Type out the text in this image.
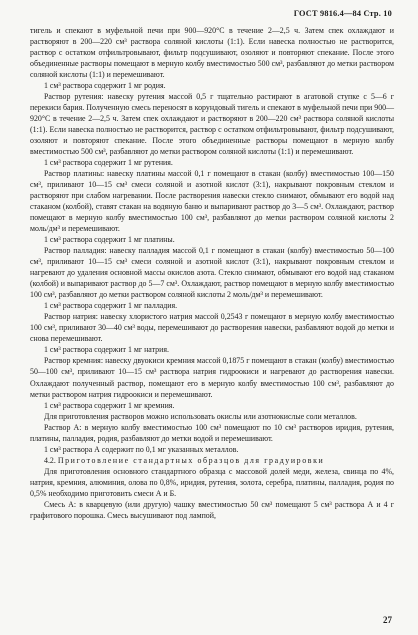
ГОСТ 9816.4—84 Стр. 10

тигель и спекают в муфельной печи при 900—920°С в течение 2—2,5 ч. Затем спек охлаждают и растворяют в 200—220 см³ раствора соляной кислоты (1:1). Если навеска полностью не растворится, раствор с остатком отфильтровывают, фильтр подсушивают, озоляют и повторяют спекание. После этого объединенные растворы помещают в мерную колбу вместимостью 500 см³, разбавляют до метки раствором соляной кислоты (1:1) и перемешивают.

1 см³ раствора содержит 1 мг родия.

Раствор рутения: навеску рутения массой 0,5 г тщательно растирают в агатовой ступке с 5—6 г перекиси бария. Полученную смесь переносят в корундовый тигель и спекают в муфельной печи при 900—920°С в течение 2—2,5 ч. Затем спек охлаждают и растворяют в 200—220 см³ раствора соляной кислоты (1:1). Если навеска полностью не растворится, раствор с остатком отфильтровывают, фильтр подсушивают, озоляют и повторяют спекание. После этого объединенные растворы помещают в мерную колбу вместимостью 500 см³, разбавляют до метки раствором соляной кислоты (1:1) и перемешивают.

1 см³ раствора содержит 1 мг рутения.

Раствор платины: навеску платины массой 0,1 г помещают в стакан (колбу) вместимостью 100—150 см³, приливают 10—15 см³ смеси соляной и азотной кислот (3:1), накрывают покровным стеклом и растворяют при слабом нагревании. После растворения навески стекло снимают, обмывают его водой над стаканом (колбой), ставят стакан на водяную баню и выпаривают раствор до 3—5 см³. Охлаждают, раствор помещают в мерную колбу вместимостью 100 см³, разбавляют до метки раствором соляной кислоты 2 моль/дм³ и перемешивают.

1 см³ раствора содержит 1 мг платины.

Раствор палладия: навеску палладия массой 0,1 г помещают в стакан (колбу) вместимостью 50—100 см³, приливают 10—15 см³ смеси соляной и азотной кислот (3:1), накрывают покровным стеклом и нагревают до удаления основной массы окислов азота. Стекло снимают, обмывают его водой над стаканом (колбой) и выпаривают раствор до 5—7 см³. Охлаждают, раствор помещают в мерную колбу вместимостью 100 см³, разбавляют до метки раствором соляной кислоты 2 моль/дм³ и перемешивают.

1 см³ раствора содержит 1 мг палладия.

Раствор натрия: навеску хлористого натрия массой 0,2543 г помещают в мерную колбу вместимостью 100 см³, приливают 30—40 см³ воды, перемешивают до растворения навески, разбавляют водой до метки и снова перемешивают.

1 см³ раствора содержит 1 мг натрия.

Раствор кремния: навеску двуокиси кремния массой 0,1875 г помещают в стакан (колбу) вместимостью 50—100 см³, приливают 10—15 см³ раствора натрия гидроокиси и нагревают до растворения навески. Охлаждают полученный раствор, помещают его в мерную колбу вместимостью 100 см³, разбавляют до метки раствором натрия гидроокиси и перемешивают.

1 см³ раствора содержит 1 мг кремния.

Для приготовления растворов можно использовать окислы или азотнокислые соли металлов.

Раствор А: в мерную колбу вместимостью 100 см³ помещают по 10 см³ растворов иридия, рутения, платины, палладия, родия, разбавляют до метки водой и перемешивают.

1 см³ раствора А содержит по 0,1 мг указанных металлов.

4.2. Приготовление стандартных образцов для градуировки

Для приготовления основного стандартного образца с массовой долей меди, железа, свинца по 4%, натрия, кремния, алюминия, олова по 0,8%, иридия, рутения, золота, серебра, платины, палладия, родия по 0,5% необходимо приготовить смеси А и Б.

Смесь А: в кварцевую (или другую) чашку вместимостью 50 см³ помещают 5 см³ раствора А и 4 г графитового порошка. Смесь высушивают под лампой,

27
